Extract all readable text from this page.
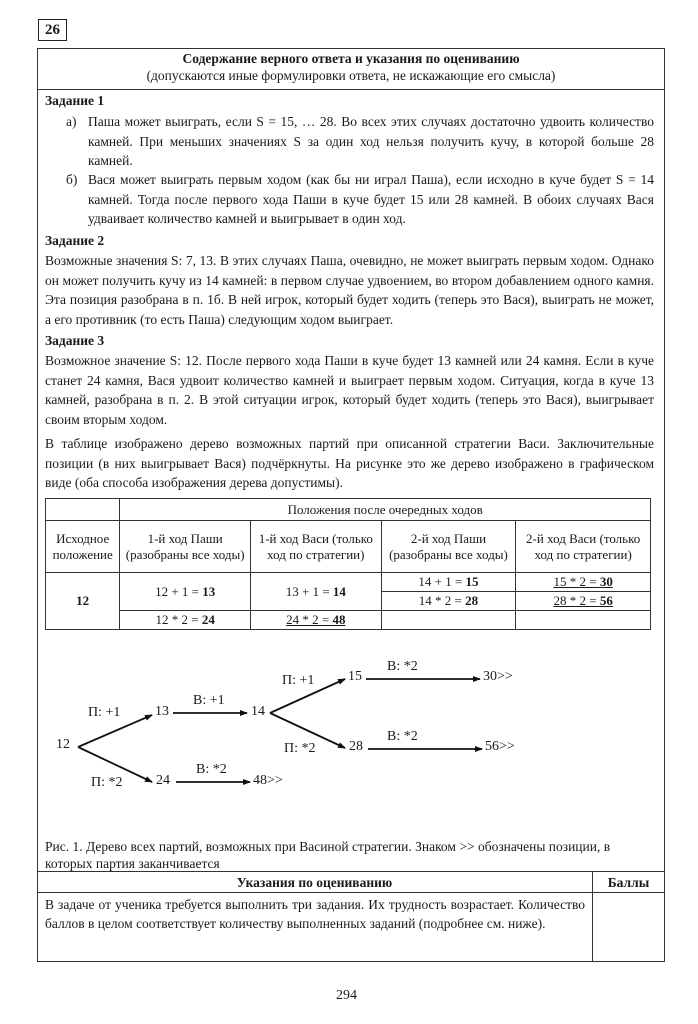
26
Содержание верного ответа и указания по оцениванию
(допускаются иные формулировки ответа, не искажающие его смысла)
Задание 1
а) Паша может выиграть, если S = 15, … 28. Во всех этих случаях достаточно удвоить количество камней. При меньших значениях S за один ход нельзя получить кучу, в которой больше 28 камней.
б) Вася может выиграть первым ходом (как бы ни играл Паша), если исходно в куче будет S = 14 камней. Тогда после первого хода Паши в куче будет 15 или 28 камней. В обоих случаях Вася удваивает количество камней и выигрывает в один ход.
Задание 2
Возможные значения S: 7, 13. В этих случаях Паша, очевидно, не может выиграть первым ходом. Однако он может получить кучу из 14 камней: в первом случае удвоением, во втором добавлением одного камня. Эта позиция разобрана в п. 1б. В ней игрок, который будет ходить (теперь это Вася), выиграть не может, а его противник (то есть Паша) следующим ходом выиграет.
Задание 3
Возможное значение S: 12. После первого хода Паши в куче будет 13 камней или 24 камня. Если в куче станет 24 камня, Вася удвоит количество камней и выиграет первым ходом. Ситуация, когда в куче 13 камней, разобрана в п. 2. В этой ситуации игрок, который будет ходить (теперь это Вася), выигрывает своим вторым ходом.
В таблице изображено дерево возможных партий при описанной стратегии Васи. Заключительные позиции (в них выигрывает Вася) подчёркнуты. На рисунке это же дерево изображено в графическом виде (оба способа изображения дерева допустимы).
	Положения после очередных ходов			
Исходное положение	1-й ход Паши (разобраны все ходы)	1-й ход Васи (только ход по стратегии)	2-й ход Паши (разобраны все ходы)	2-й ход Васи (только ход по стратегии)
12	12 + 1 = 13	13 + 1 = 14	14 + 1 = 15	15 * 2 = 30
			14 * 2 = 28	28 * 2 = 56
	12 * 2 = 24	24 * 2 = 48		
12
13
24
14
48>>
15
28
30>>
56>>
П: +1
П: *2
В: +1
В: *2
П: +1
П: *2
В: *2
В: *2
Рис. 1. Дерево всех партий, возможных при Васиной стратегии. Знаком >> обозначены позиции, в которых партия заканчивается
Указания по оцениванию	Баллы
В задаче от ученика требуется выполнить три задания. Их трудность возрастает. Количество баллов в целом соответствует количеству выполненных заданий (подробнее см. ниже).
294
